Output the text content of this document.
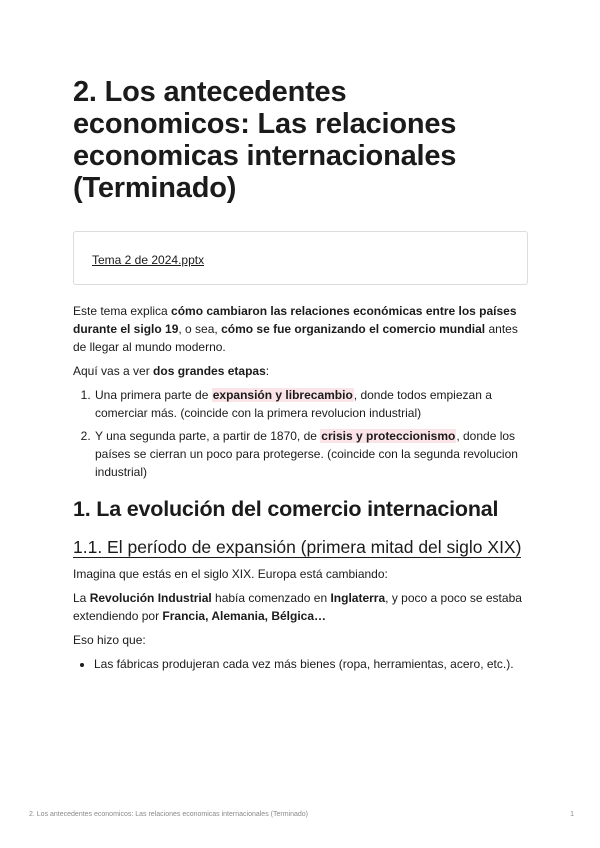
2. Los antecedentes economicos: Las relaciones economicas internacionales (Terminado)
Tema 2 de 2024.pptx

Este tema explica cómo cambiaron las relaciones económicas entre los países durante el siglo 19, o sea, cómo se fue organizando el comercio mundial antes de llegar al mundo moderno.

Aquí vas a ver dos grandes etapas:

1. Una primera parte de expansión y librecambio, donde todos empiezan a comerciar más. (coincide con la primera revolucion industrial)
2. Y una segunda parte, a partir de 1870, de crisis y proteccionismo, donde los países se cierran un poco para protegerse. (coincide con la segunda revolucion industrial)
1. La evolución del comercio internacional
1.1. El período de expansión (primera mitad del siglo XIX)

Imagina que estás en el siglo XIX. Europa está cambiando:

La Revolución Industrial había comenzado en Inglaterra, y poco a poco se estaba extendiendo por Francia, Alemania, Bélgica…

Eso hizo que:

• Las fábricas produjeran cada vez más bienes (ropa, herramientas, acero, etc.).
2. Los antecedentes economicos: Las relaciones economicas internacionales (Terminado)	1
